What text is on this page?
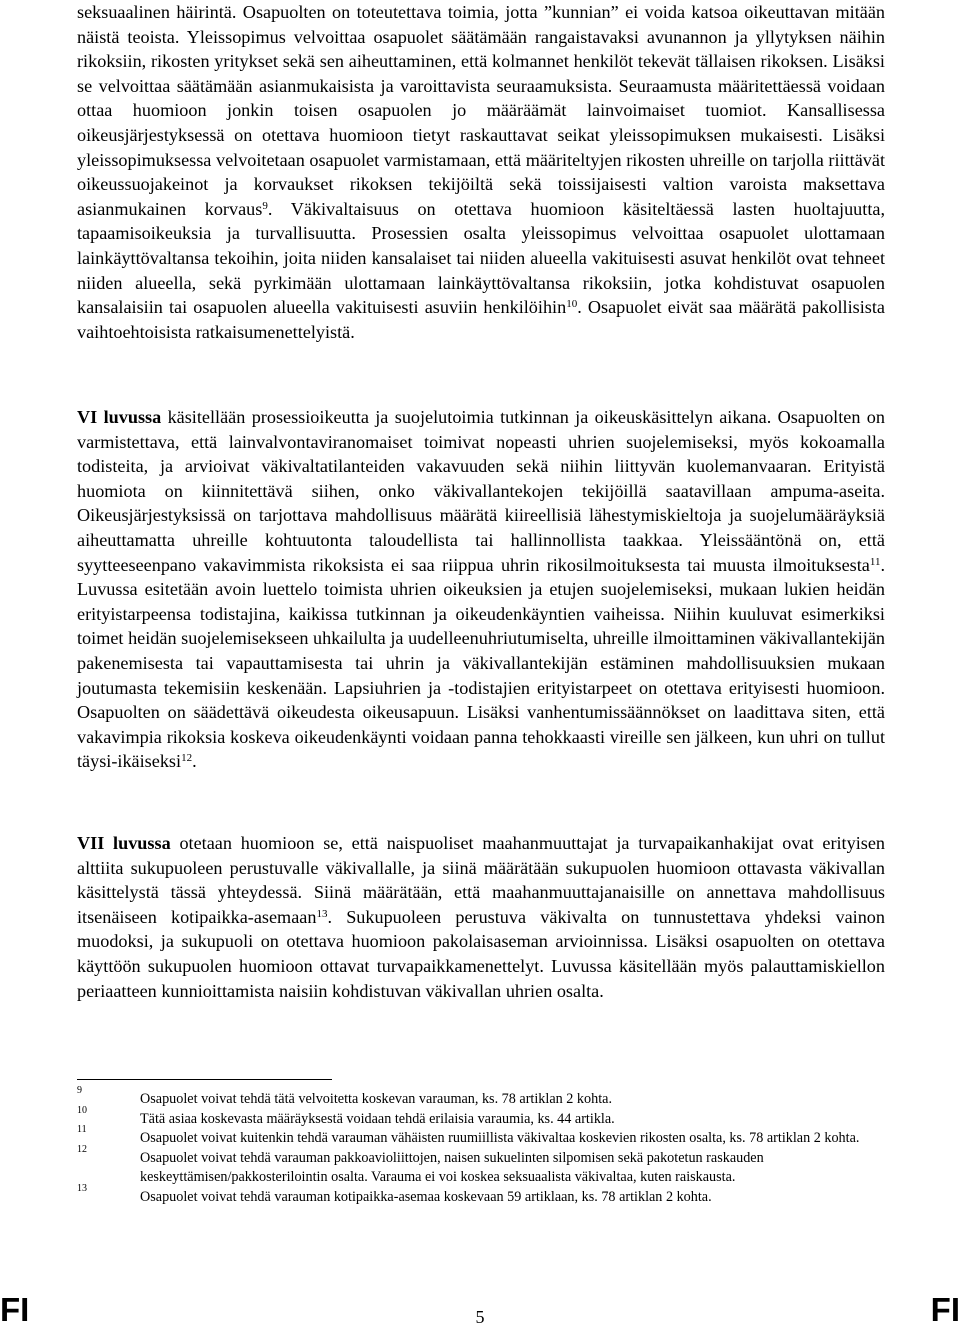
seksuaalinen häirintä. Osapuolten on toteutettava toimia, jotta ”kunnian” ei voida katsoa oikeuttavan mitään näistä teoista. Yleissopimus velvoittaa osapuolet säätämään rangaistavaksi avunannon ja yllytyksen näihin rikoksiin, rikosten yritykset sekä sen aiheuttaminen, että kolmannet henkilöt tekevät tällaisen rikoksen. Lisäksi se velvoittaa säätämään asianmukaisista ja varoittavista seuraamuksista. Seuraamusta määritettäessä voidaan ottaa huomioon jonkin toisen osapuolen jo määräämät lainvoimaiset tuomiot. Kansallisessa oikeusjärjestyksessä on otettava huomioon tietyt raskauttavat seikat yleissopimuksen mukaisesti. Lisäksi yleissopimuksessa velvoitetaan osapuolet varmistamaan, että määriteltyjen rikosten uhreille on tarjolla riittävät oikeussuojakeinot ja korvaukset rikoksen tekijöiltä sekä toissijaisesti valtion varoista maksettava asianmukainen korvaus$^9$. Väkivaltaisuus on otettava huomioon käsiteltäessä lasten huoltajuutta, tapaamisoikeuksia ja turvallisuutta. Prosessien osalta yleissopimus velvoittaa osapuolet ulottamaan lainkäyttövaltansa tekoihin, joita niiden kansalaiset tai niiden alueella vakituisesti asuvat henkilöt ovat tehneet niiden alueella, sekä pyrkimään ulottamaan lainkäyttövaltansa rikoksiin, jotka kohdistuvat osapuolen kansalaisiin tai osapuolen alueella vakituisesti asuviin henkilöihin$^{10}$. Osapuolet eivät saa määrätä pakollisista vaihtoehtoisista ratkaisumenettelyistä.

VI luvussa käsitellään prosessioikeutta ja suojelutoimia tutkinnan ja oikeuskäsittelyn aikana. Osapuolten on varmistettava, että lainvalvontaviranomaiset toimivat nopeasti uhrien suojelemiseksi, myös kokoamalla todisteita, ja arvioivat väkivaltatilanteiden vakavuuden sekä niihin liittyvän kuolemanvaaran. Erityistä huomiota on kiinnitettävä siihen, onko väkivallantekojen tekijöillä saatavillaan ampuma-aseita. Oikeusjärjestyksissä on tarjottava mahdollisuus määrätä kiireellisiä lähestymiskieltoja ja suojelumääräyksiä aiheuttamatta uhreille kohtuutonta taloudellista tai hallinnollista taakkaa. Yleissääntönä on, että syytteeseenpano vakavimmista rikoksista ei saa riippua uhrin rikosilmoituksesta tai muusta ilmoituksesta$^{11}$. Luvussa esitetään avoin luettelo toimista uhrien oikeuksien ja etujen suojelemiseksi, mukaan lukien heidän erityistarpeensa todistajina, kaikissa tutkinnan ja oikeudenkäyntien vaiheissa. Niihin kuuluvat esimerkiksi toimet heidän suojelemisekseen uhkailulta ja uudelleenuhriutumiselta, uhreille ilmoittaminen väkivallantekijän pakenemisesta tai vapauttamisesta tai uhrin ja väkivallantekijän estäminen mahdollisuuksien mukaan joutumasta tekemisiin keskenään. Lapsiuhrien ja -todistajien erityistarpeet on otettava erityisesti huomioon. Osapuolten on säädettävä oikeudesta oikeusapuun. Lisäksi vanhentumissäännökset on laadittava siten, että vakavimpia rikoksia koskeva oikeudenkäynti voidaan panna tehokkaasti vireille sen jälkeen, kun uhri on tullut täysi-ikäiseksi$^{12}$.

VII luvussa otetaan huomioon se, että naispuoliset maahanmuuttajat ja turvapaikanhakijat ovat erityisen alttiita sukupuoleen perustuvalle väkivallalle, ja siinä määrätään sukupuolen huomioon ottavasta väkivallan käsittelystä tässä yhteydessä. Siinä määrätään, että maahanmuuttajanaisille on annettava mahdollisuus itsenäiseen kotipaikka-asemaan$^{13}$. Sukupuoleen perustuva väkivalta on tunnustettava yhdeksi vainon muodoksi, ja sukupuoli on otettava huomioon pakolaisaseman arvioinnissa. Lisäksi osapuolten on otettava käyttöön sukupuolen huomioon ottavat turvapaikkamenettelyt. Luvussa käsitellään myös palauttamiskiellon periaatteen kunnioittamista naisiin kohdistuvan väkivallan uhrien osalta.

9
Osapuolet voivat tehdä tätä velvoitetta koskevan varauman, ks. 78 artiklan 2 kohta.
10
Tätä asiaa koskevasta määräyksestä voidaan tehdä erilaisia varaumia, ks. 44 artikla.
11
Osapuolet voivat kuitenkin tehdä varauman vähäisten ruumiillista väkivaltaa koskevien rikosten osalta, ks. 78 artiklan 2 kohta.
12
Osapuolet voivat tehdä varauman pakkoavioliittojen, naisen sukuelinten silpomisen sekä pakotetun raskauden keskeyttämisen/pakkosterilointin osalta. Varauma ei voi koskea seksuaalista väkivaltaa, kuten raiskausta.
13
Osapuolet voivat tehdä varauman kotipaikka-asemaa koskevaan 59 artiklaan, ks. 78 artiklan 2 kohta.
FI	5	FI
